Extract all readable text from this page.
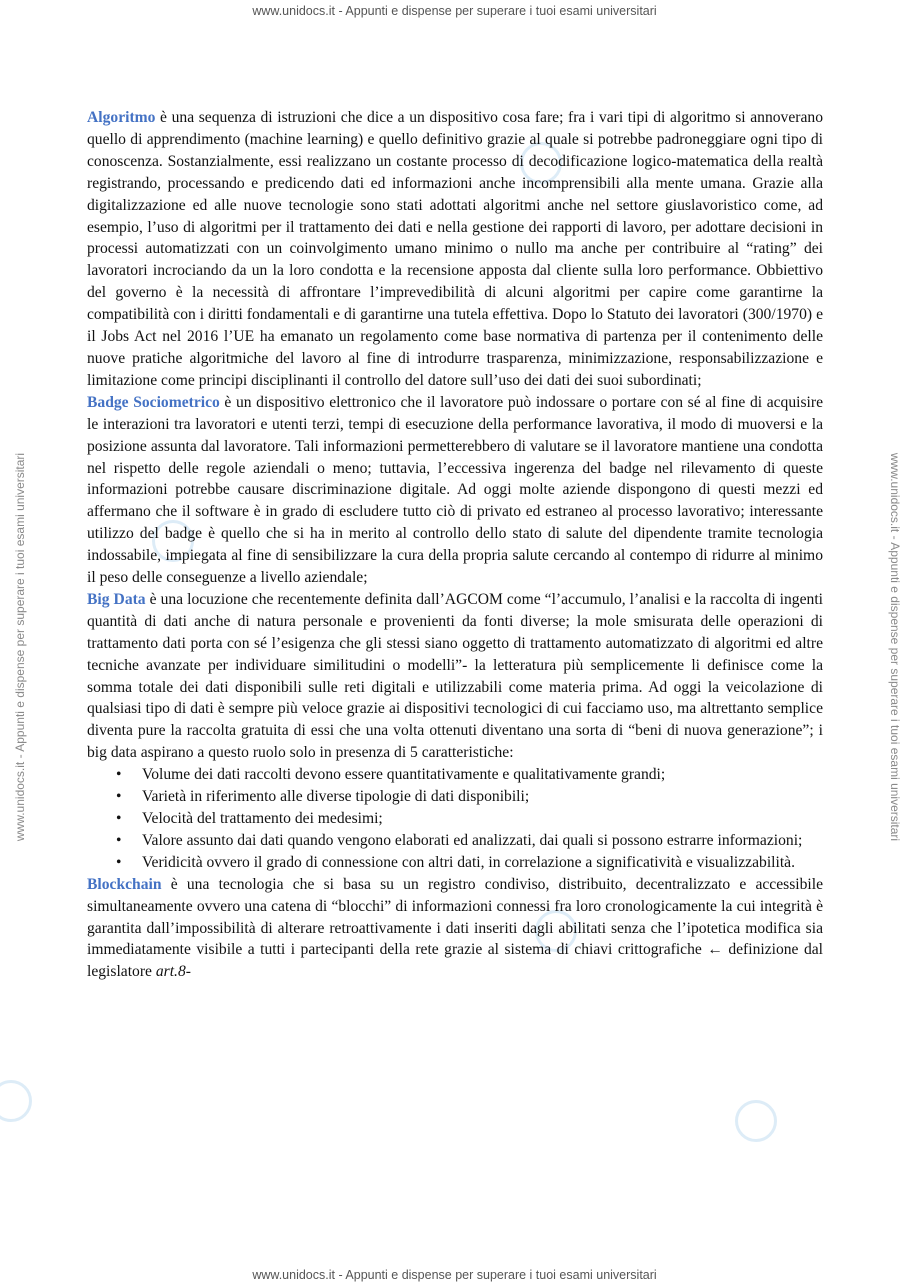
www.unidocs.it - Appunti e dispense per superare i tuoi esami universitari
www.unidocs.it - Appunti e dispense per superare i tuoi esami universitari	www.unidocs.it - Appunti e dispense per superare i tuoi esami universitari

Algoritmo è una sequenza di istruzioni che dice a un dispositivo cosa fare; fra i vari tipi di algoritmo si annoverano quello di apprendimento (machine learning) e quello definitivo grazie al quale si potrebbe padroneggiare ogni tipo di conoscenza. Sostanzialmente, essi realizzano un costante processo di decodificazione logico-matematica della realtà registrando, processando e predicendo dati ed informazioni anche incomprensibili alla mente umana. Grazie alla digitalizzazione ed alle nuove tecnologie sono stati adottati algoritmi anche nel settore giuslavoristico come, ad esempio, l’uso di algoritmi per il trattamento dei dati e nella gestione dei rapporti di lavoro, per adottare decisioni in processi automatizzati con un coinvolgimento umano minimo o nullo ma anche per contribuire al “rating” dei lavoratori incrociando da un la loro condotta e la recensione apposta dal cliente sulla loro performance. Obbiettivo del governo è la necessità di affrontare l’imprevedibilità di alcuni algoritmi per capire come garantirne la compatibilità con i diritti fondamentali e di garantirne una tutela effettiva. Dopo lo Statuto dei lavoratori (300/1970) e il Jobs Act nel 2016 l’UE ha emanato un regolamento come base normativa di partenza per il contenimento delle nuove pratiche algoritmiche del lavoro al fine di introdurre trasparenza, minimizzazione, responsabilizzazione e limitazione come principi disciplinanti il controllo del datore sull’uso dei dati dei suoi subordinati;

Badge Sociometrico è un dispositivo elettronico che il lavoratore può indossare o portare con sé al fine di acquisire le interazioni tra lavoratori e utenti terzi, tempi di esecuzione della performance lavorativa, il modo di muoversi e la posizione assunta dal lavoratore. Tali informazioni permetterebbero di valutare se il lavoratore mantiene una condotta nel rispetto delle regole aziendali o meno; tuttavia, l’eccessiva ingerenza del badge nel rilevamento di queste informazioni potrebbe causare discriminazione digitale. Ad oggi molte aziende dispongono di questi mezzi ed affermano che il software è in grado di escludere tutto ciò di privato ed estraneo al processo lavorativo; interessante utilizzo del badge è quello che si ha in merito al controllo dello stato di salute del dipendente tramite tecnologia indossabile, impiegata al fine di sensibilizzare la cura della propria salute cercando al contempo di ridurre al minimo il peso delle conseguenze a livello aziendale;

Big Data è una locuzione che recentemente definita dall’AGCOM come “l’accumulo, l’analisi e la raccolta di ingenti quantità di dati anche di natura personale e provenienti da fonti diverse; la mole smisurata delle operazioni di trattamento dati porta con sé l’esigenza che gli stessi siano oggetto di trattamento automatizzato di algoritmi ed altre tecniche avanzate per individuare similitudini o modelli”- la letteratura più semplicemente li definisce come la somma totale dei dati disponibili sulle reti digitali e utilizzabili come materia prima. Ad oggi la veicolazione di qualsiasi tipo di dati è sempre più veloce grazie ai dispositivi tecnologici di cui facciamo uso, ma altrettanto semplice diventa pure la raccolta gratuita di essi che una volta ottenuti diventano una sorta di “beni di nuova generazione”; i big data aspirano a questo ruolo solo in presenza di 5 caratteristiche:

• Volume dei dati raccolti devono essere quantitativamente e qualitativamente grandi;
• Varietà in riferimento alle diverse tipologie di dati disponibili;
• Velocità del trattamento dei medesimi;
• Valore assunto dai dati quando vengono elaborati ed analizzati, dai quali si possono estrarre informazioni;
• Veridicità ovvero il grado di connessione con altri dati, in correlazione a significatività e visualizzabilità.

Blockchain è una tecnologia che si basa su un registro condiviso, distribuito, decentralizzato e accessibile simultaneamente ovvero una catena di “blocchi” di informazioni connessi fra loro cronologicamente la cui integrità è garantita dall’impossibilità di alterare retroattivamente i dati inseriti dagli abilitati senza che l’ipotetica modifica sia immediatamente visibile a tutti i partecipanti della rete grazie al sistema di chiavi crittografiche ← definizione dal legislatore art.8-

www.unidocs.it - Appunti e dispense per superare i tuoi esami universitari
